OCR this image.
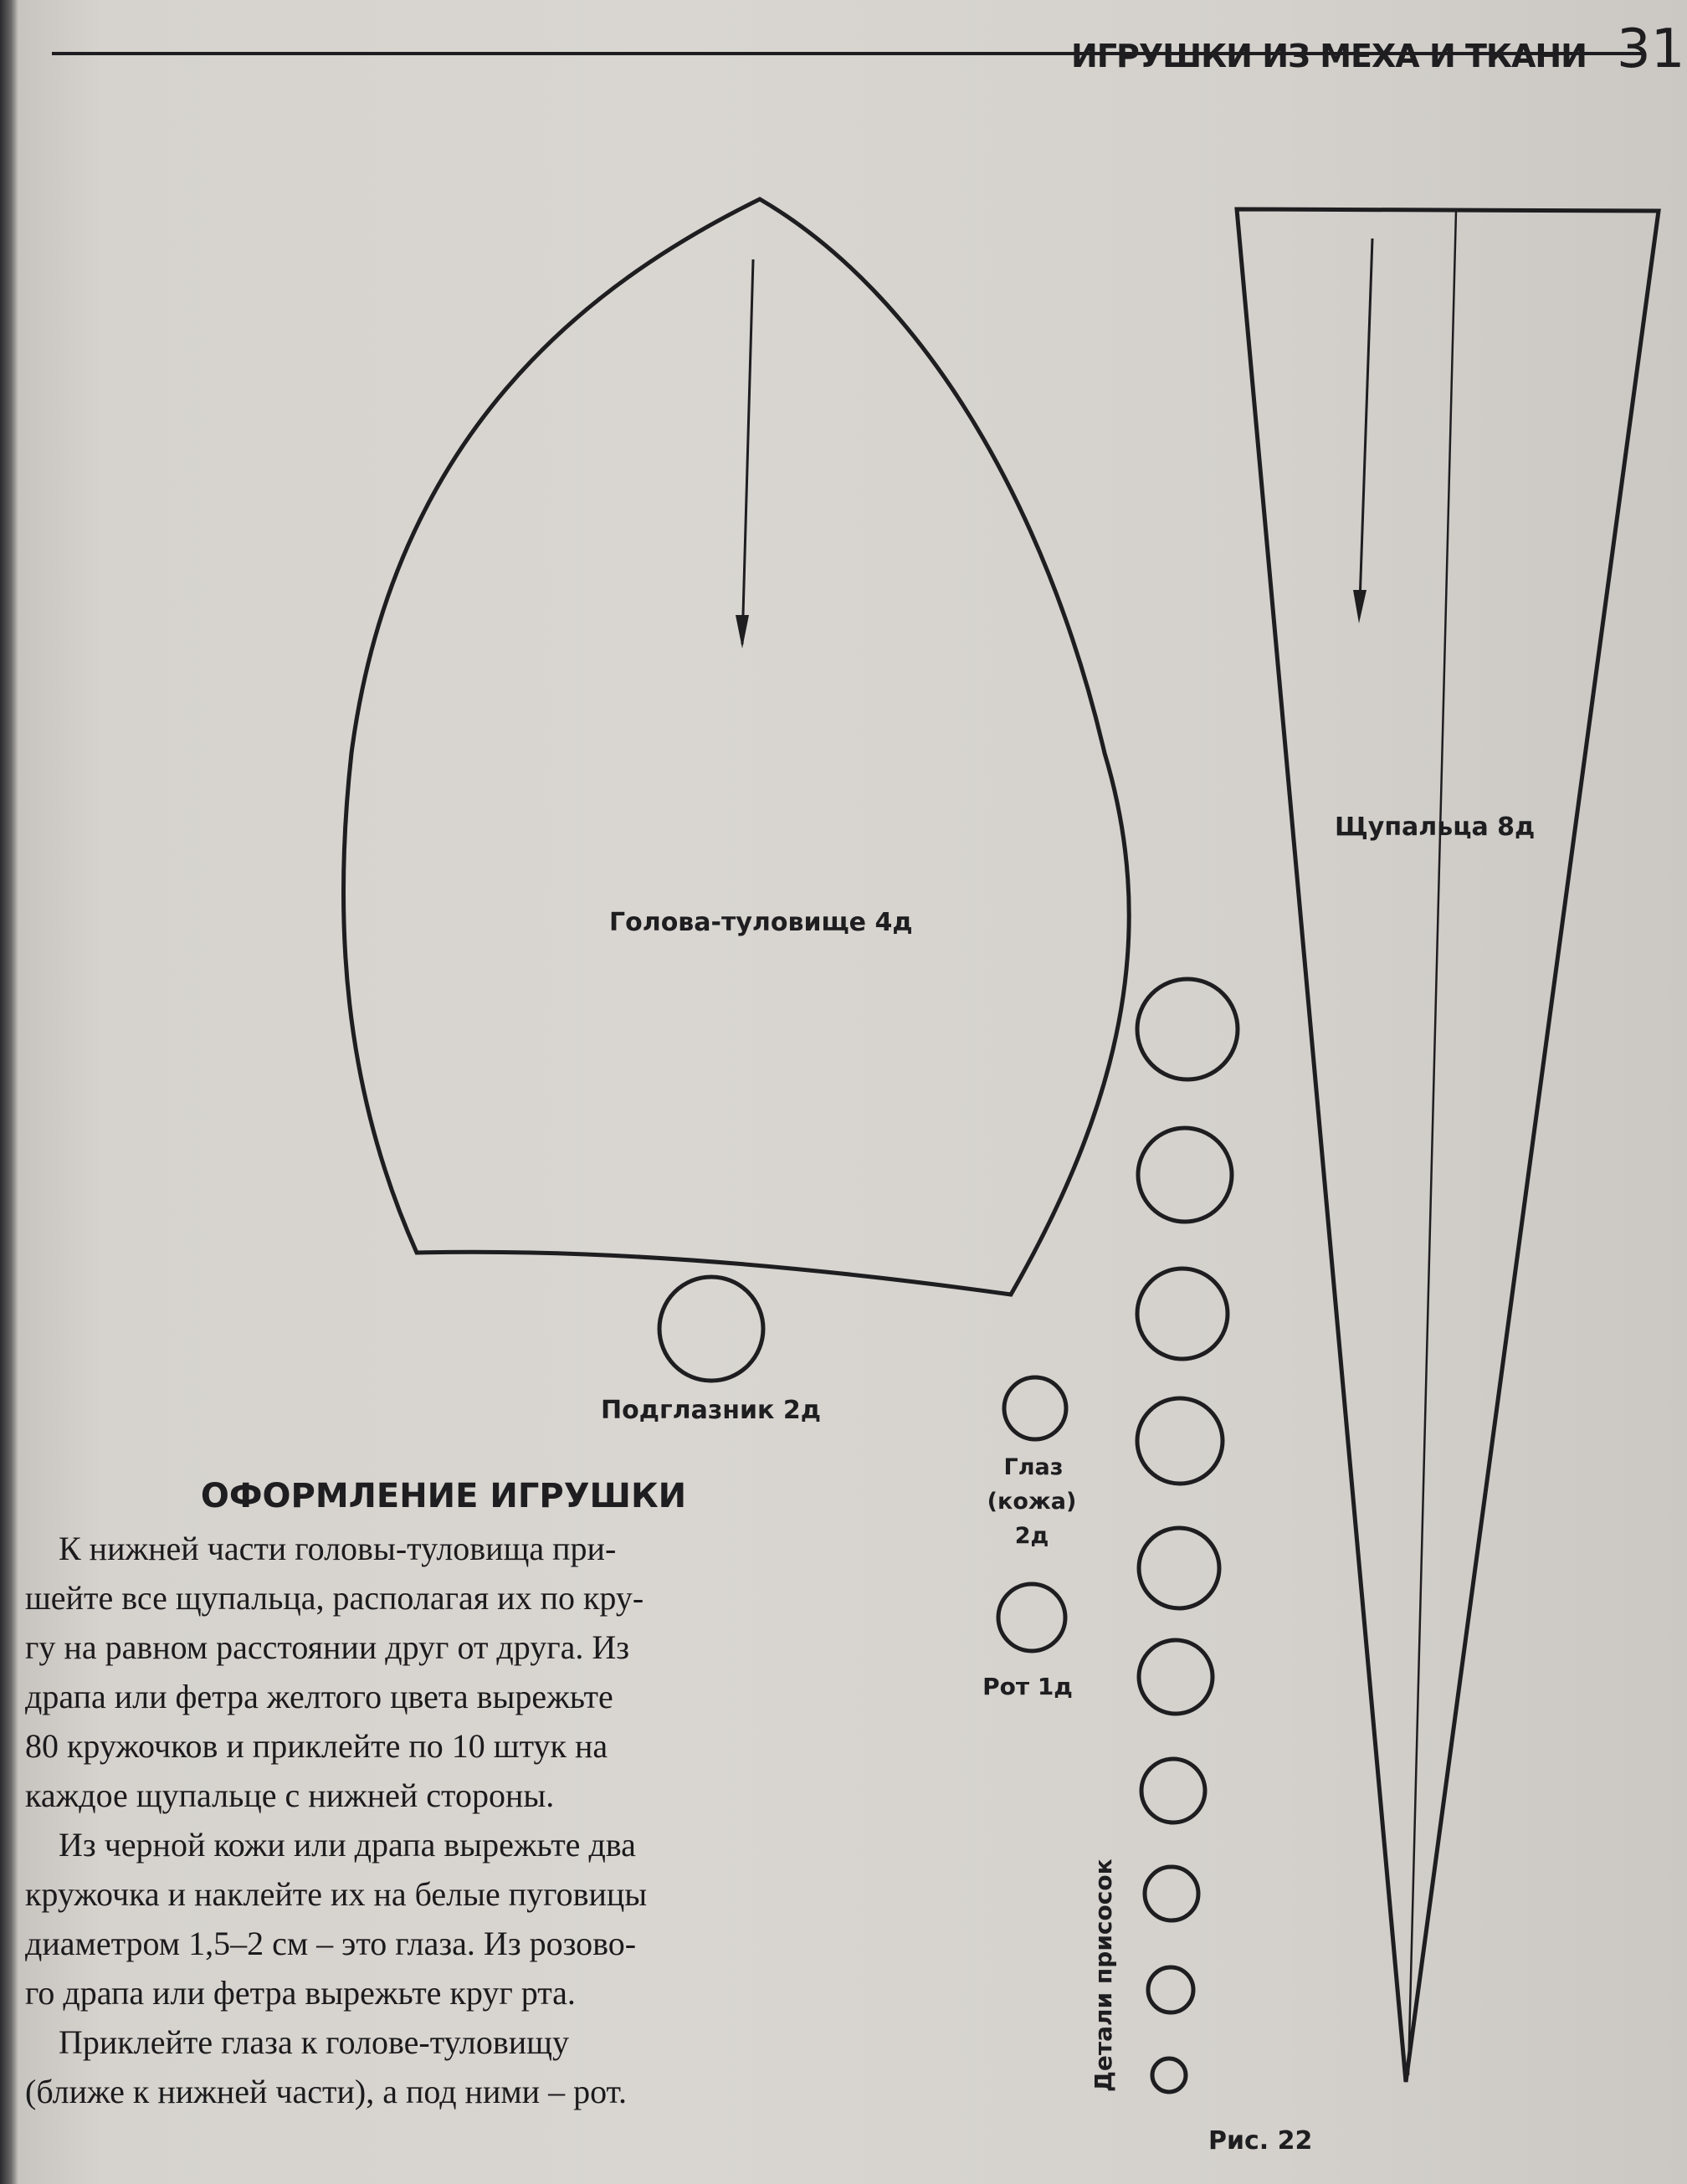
ИГРУШКИ ИЗ МЕХА И ТКАНИ 31
Голова-туловище 4д
Щупальца 8д
Подглазник 2д
Глаз
(кожа)
2д
Рот 1д
Детали присосок
Рис. 22
ОФОРМЛЕНИЕ ИГРУШКИ
К нижней части головы-туловища при-
шейте все щупальца, располагая их по кру-
гу на равном расстоянии друг от друга. Из
драпа или фетра желтого цвета вырежьте
80 кружочков и приклейте по 10 штук на
каждое щупальце с нижней стороны.
Из черной кожи или драпа вырежьте два
кружочка и наклейте их на белые пуговицы
диаметром 1,5–2 см – это глаза. Из розово-
го драпа или фетра вырежьте круг рта.
Приклейте глаза к голове-туловищу
(ближе к нижней части), а под ними – рот.
